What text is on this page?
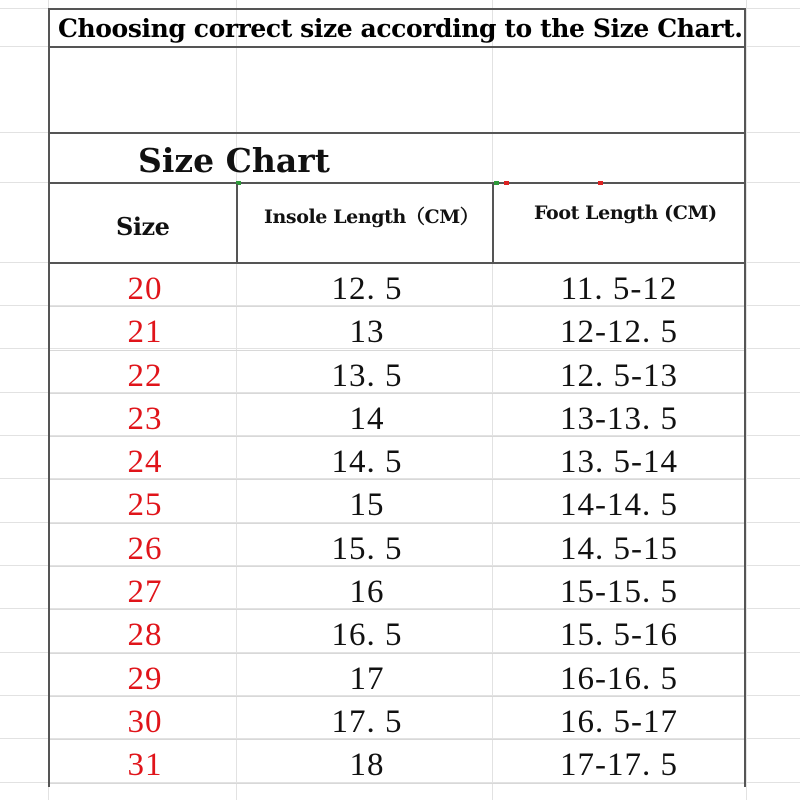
Choosing correct size according to the Size Chart.
Size Chart
Size	Insole Length（CM）	Foot Length (CM)
20	12. 5	11. 5-12
21	13	12-12. 5
22	13. 5	12. 5-13
23	14	13-13. 5
24	14. 5	13. 5-14
25	15	14-14. 5
26	15. 5	14. 5-15
27	16	15-15. 5
28	16. 5	15. 5-16
29	17	16-16. 5
30	17. 5	16. 5-17
31	18	17-17. 5
